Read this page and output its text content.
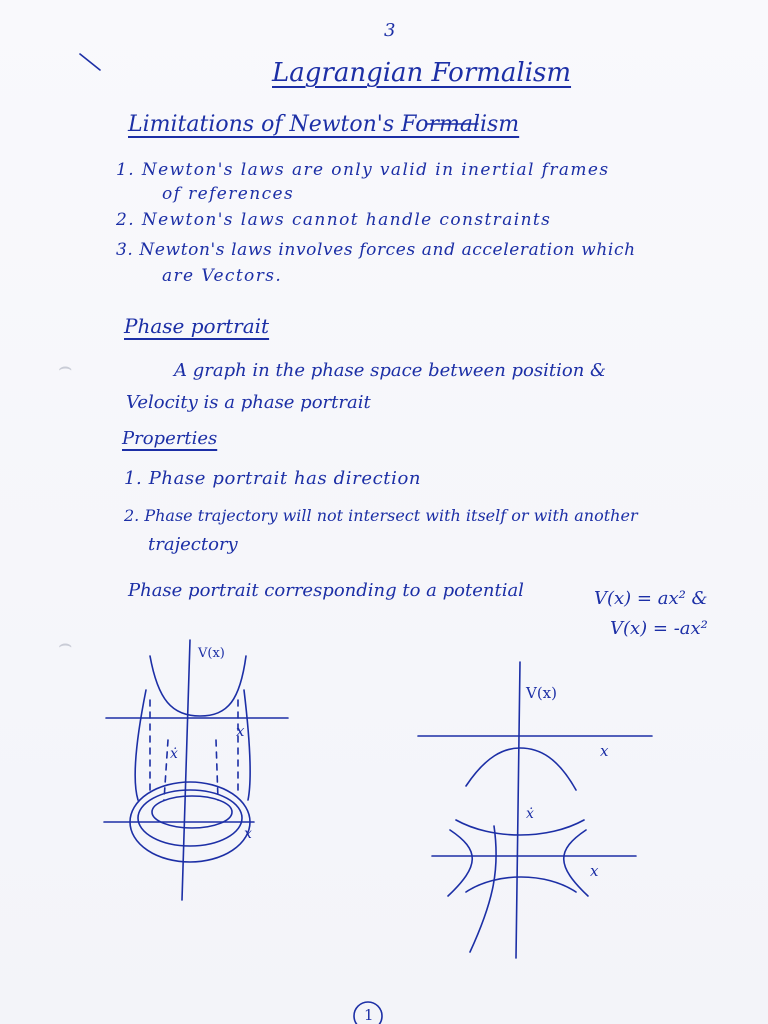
⌢
⌢
3
Lagrangian Formalism
Limitations of Newton's Formalism
1. Newton's laws are only valid in inertial frames
of references
2. Newton's laws cannot handle constraints
3. Newton's laws involves forces and acceleration which
are Vectors.
Phase portrait
A graph in the phase space between position &
Velocity is a phase portrait
Properties
1. Phase portrait has direction
2. Phase trajectory will not intersect with itself or with another
trajectory
Phase portrait corresponding to a potential	V(x) = ax² &
V(x) = -ax²
V(x)
x
ẋ
x
V(x)
x
ẋ
x
1
